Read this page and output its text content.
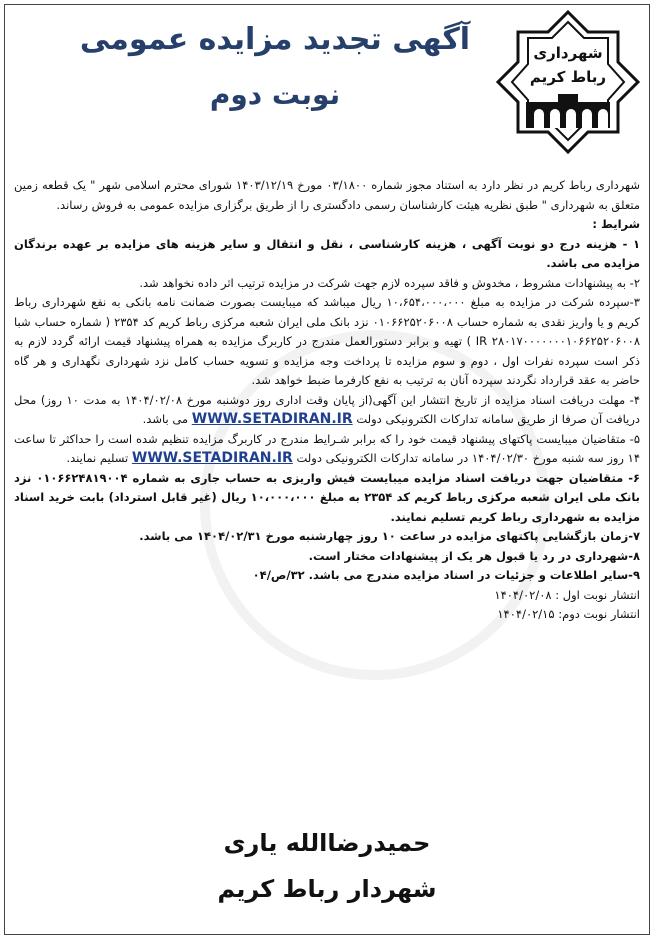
آگهی تجدید مزایده عمومی
نوبت دوم
شهرداری
رباط کریم

شهرداری رباط کریم در نظر دارد به استناد مجوز شماره ۰۳/۱۸۰۰ مورخ ۱۴۰۳/۱۲/۱۹ شورای محترم اسلامی شهر " یک قطعه زمین متعلق به شهرداری " طبق نظریه هیئت کارشناسان رسمی دادگستری را از طریق برگزاری مزایده عمومی به فروش رساند.

شرایط :

۱ - هزینه درج دو نوبت آگهی ، هزینه کارشناسی ، نقل و انتقال و سایر هزینه های مزایده بر عهده برندگان مزایده می باشد.

۲- به پیشنهادات مشروط ، مخدوش و فاقد سپرده لازم جهت شرکت در مزایده ترتیب اثر داده نخواهد شد.

۳-سپرده شرکت در مزایده به مبلغ ۱۰،۶۵۴،۰۰۰،۰۰۰ ریال میباشد که میبایست بصورت ضمانت نامه بانکی به نفع شهرداری رباط کریم و یا واریز نقدی به شماره حساب ۰۱۰۶۶۲۵۲۰۶۰۰۸ نزد بانک ملی ایران شعبه مرکزی رباط کریم کد ۲۳۵۴ ( شماره حساب شبا IR ۲۸۰۱۷۰۰۰۰۰۰۰۱۰۶۶۲۵۲۰۶۰۰۸ ) تهیه و برابر دستورالعمل مندرج در کاربرگ مزایده به همراه پیشنهاد قیمت ارائه گردد لازم به ذکر است سپرده نفرات اول ، دوم و سوم مزایده تا پرداخت وجه مزایده و تسویه حساب کامل نزد شهرداری نگهداری و هر گاه حاضر به عقد قرارداد نگردند سپرده آنان به ترتیب به نفع کارفرما ضبط خواهد شد.

۴- مهلت دریافت اسناد مزایده از تاریخ انتشار این آگهی(از پایان وقت اداری روز دوشنبه مورخ ۱۴۰۴/۰۲/۰۸ به مدت ۱۰ روز) محل دریافت آن صرفا از طریق سامانه تدارکات الکترونیکی دولت WWW.SETADIRAN.IR می باشد.

۵- متقاضیان میبایست پاکتهای پیشنهاد قیمت خود را که برابر شـرایط مندرج در کاربرگ مزایده تنظیم شده است را حداکثر تا ساعت ۱۴ روز سه شنبه مورخ ۱۴۰۴/۰۲/۳۰ در سامانه تدارکات الکترونیکی دولت WWW.SETADIRAN.IR تسلیم نمایند.

۶- متقاضیان جهت دریافت اسناد مزایده میبایست فیش واریزی به حساب جاری به شماره ۰۱۰۶۶۲۴۸۱۹۰۰۴ نزد بانک ملی ایران شعبه مرکزی رباط کریم کد ۲۳۵۴ به مبلغ ۱۰،۰۰۰،۰۰۰ ریال (غیر قابل استرداد) بابت خرید اسناد مزایده به شهرداری رباط کریم تسلیم نمایند.

۷-زمان بازگشایی پاکتهای مزایده در ساعت ۱۰ روز چهارشنبه مورخ ۱۴۰۴/۰۲/۳۱ می باشد.

۸-شهرداری در رد یا قبول هر یک از پیشنهادات مختار است.

۹-سایر اطلاعات و جزئیات در اسناد مزایده مندرج می باشد. ۳۲/ص/۰۴

انتشار نوبت اول : ۱۴۰۴/۰۲/۰۸

انتشار نوبت دوم: ۱۴۰۴/۰۲/۱۵

حمیدرضاالله یاری
شهردار رباط کریم
